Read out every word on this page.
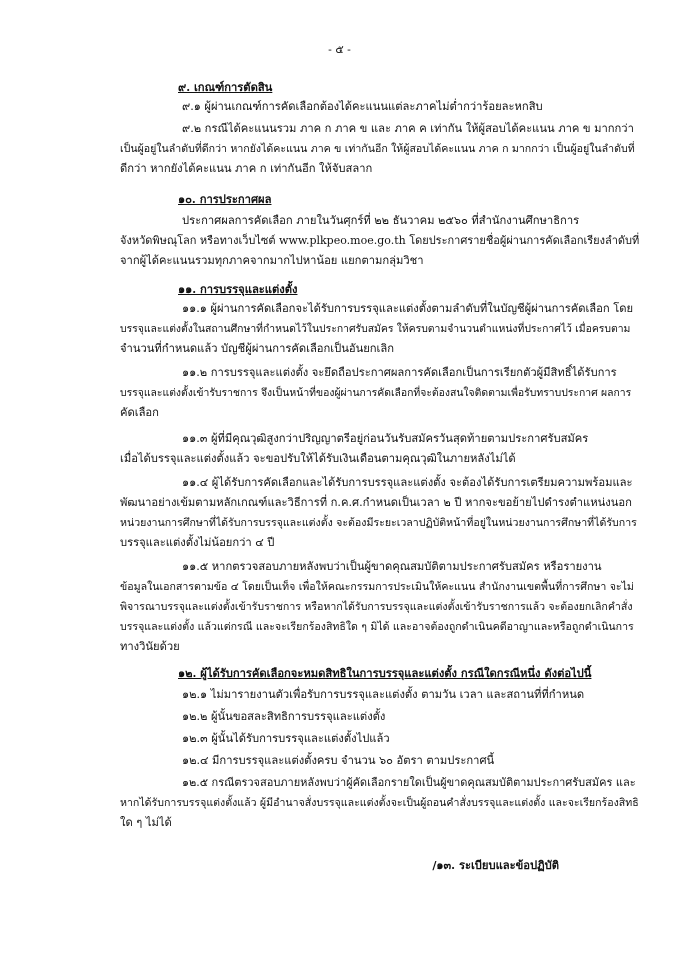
- ๕ -
๙. เกณฑ์การตัดสิน
๙.๑ ผู้ผ่านเกณฑ์การคัดเลือกต้องได้คะแนนแต่ละภาคไม่ต่ำกว่าร้อยละหกสิบ
๙.๒ กรณีได้คะแนนรวม ภาค ก ภาค ข และ ภาค ค เท่ากัน ให้ผู้สอบได้คะแนน ภาค ข มากกว่า
เป็นผู้อยู่ในลำดับที่ดีกว่า หากยังได้คะแนน ภาค ข เท่ากันอีก ให้ผู้สอบได้คะแนน ภาค ก มากกว่า เป็นผู้อยู่ในลำดับที่
ดีกว่า หากยังได้คะแนน ภาค ก เท่ากันอีก ให้จับสลาก
๑๐. การประกาศผล
ประกาศผลการคัดเลือก ภายในวันศุกร์ที่ ๒๒ ธันวาคม ๒๕๖๐ ที่สำนักงานศึกษาธิการ
จังหวัดพิษณุโลก หรือทางเว็บไซต์ www.plkpeo.moe.go.th โดยประกาศรายชื่อผู้ผ่านการคัดเลือกเรียงลำดับที่
จากผู้ได้คะแนนรวมทุกภาคจากมากไปหาน้อย แยกตามกลุ่มวิชา
๑๑. การบรรจุและแต่งตั้ง
๑๑.๑ ผู้ผ่านการคัดเลือกจะได้รับการบรรจุและแต่งตั้งตามลำดับที่ในบัญชีผู้ผ่านการคัดเลือก โดย
บรรจุและแต่งตั้งในสถานศึกษาที่กำหนดไว้ในประกาศรับสมัคร ให้ครบตามจำนวนตำแหน่งที่ประกาศไว้ เมื่อครบตาม
จำนวนที่กำหนดแล้ว บัญชีผู้ผ่านการคัดเลือกเป็นอันยกเลิก
๑๑.๒ การบรรจุและแต่งตั้ง จะยึดถือประกาศผลการคัดเลือกเป็นการเรียกตัวผู้มีสิทธิ์ได้รับการ
บรรจุและแต่งตั้งเข้ารับราชการ จึงเป็นหน้าที่ของผู้ผ่านการคัดเลือกที่จะต้องสนใจติดตามเพื่อรับทราบประกาศ ผลการ
คัดเลือก
๑๑.๓ ผู้ที่มีคุณวุฒิสูงกว่าปริญญาตรีอยู่ก่อนวันรับสมัครวันสุดท้ายตามประกาศรับสมัคร
เมื่อได้บรรจุและแต่งตั้งแล้ว จะขอปรับให้ได้รับเงินเดือนตามคุณวุฒิในภายหลังไม่ได้
๑๑.๔ ผู้ได้รับการคัดเลือกและได้รับการบรรจุและแต่งตั้ง จะต้องได้รับการเตรียมความพร้อมและ
พัฒนาอย่างเข้มตามหลักเกณฑ์และวิธีการที่ ก.ค.ศ.กำหนดเป็นเวลา ๒ ปี หากจะขอย้ายไปดำรงตำแหน่งนอก
หน่วยงานการศึกษาที่ได้รับการบรรจุและแต่งตั้ง จะต้องมีระยะเวลาปฏิบัติหน้าที่อยู่ในหน่วยงานการศึกษาที่ได้รับการ
บรรจุและแต่งตั้งไม่น้อยกว่า ๔ ปี
๑๑.๕ หากตรวจสอบภายหลังพบว่าเป็นผู้ขาดคุณสมบัติตามประกาศรับสมัคร หรือรายงาน
ข้อมูลในเอกสารตามข้อ ๔ โดยเป็นเท็จ เพื่อให้คณะกรรมการประเมินให้คะแนน สำนักงานเขตพื้นที่การศึกษา จะไม่
พิจารณาบรรจุและแต่งตั้งเข้ารับราชการ หรือหากได้รับการบรรจุและแต่งตั้งเข้ารับราชการแล้ว จะต้องยกเลิกคำสั่ง
บรรจุและแต่งตั้ง แล้วแต่กรณี และจะเรียกร้องสิทธิใด ๆ มิได้ และอาจต้องถูกดำเนินคดีอาญาและหรือถูกดำเนินการ
ทางวินัยด้วย
๑๒. ผู้ได้รับการคัดเลือกจะหมดสิทธิในการบรรจุและแต่งตั้ง กรณีใดกรณีหนึ่ง ดังต่อไปนี้
๑๒.๑ ไม่มารายงานตัวเพื่อรับการบรรจุและแต่งตั้ง ตามวัน เวลา และสถานที่ที่กำหนด
๑๒.๒ ผู้นั้นขอสละสิทธิการบรรจุและแต่งตั้ง
๑๒.๓ ผู้นั้นได้รับการบรรจุและแต่งตั้งไปแล้ว
๑๒.๔ มีการบรรจุและแต่งตั้งครบ จำนวน ๖๐ อัตรา ตามประกาศนี้
๑๒.๕ กรณีตรวจสอบภายหลังพบว่าผู้คัดเลือกรายใดเป็นผู้ขาดคุณสมบัติตามประกาศรับสมัคร และ
หากได้รับการบรรจุแต่งตั้งแล้ว ผู้มีอำนาจสั่งบรรจุและแต่งตั้งจะเป็นผู้ถอนคำสั่งบรรจุและแต่งตั้ง และจะเรียกร้องสิทธิ
ใด ๆ ไม่ได้
/๑๓. ระเบียบและข้อปฏิบัติ
